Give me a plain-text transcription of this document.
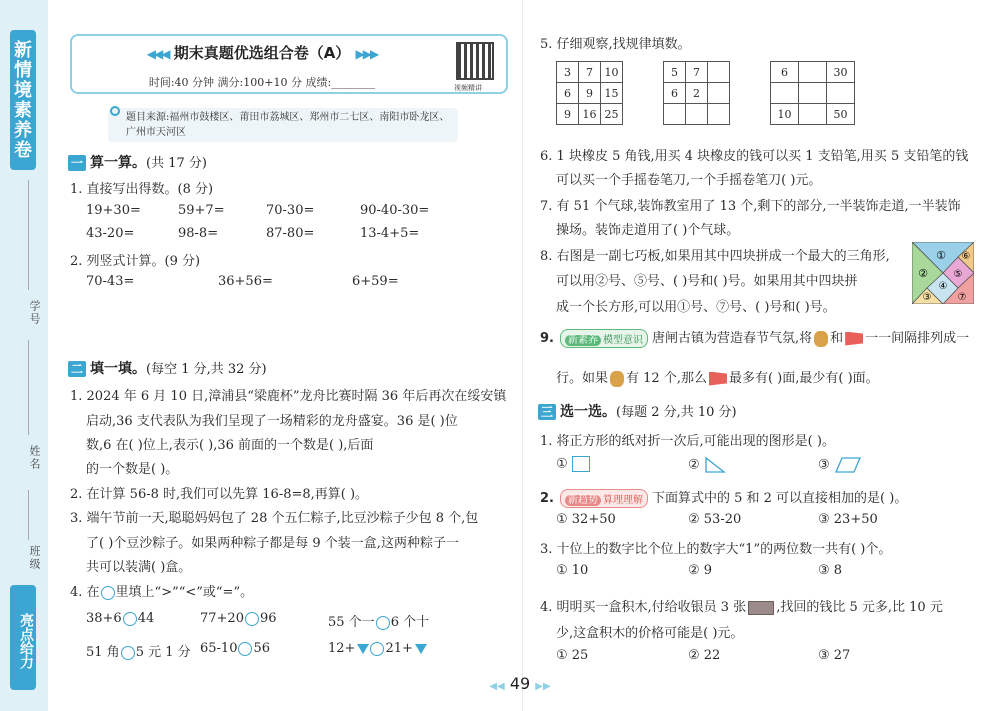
新情境素养卷
学号
姓名
班级
亮点给力
◀◀◀ 期末真题优选组合卷（A） ▶▶▶
时间:40 分钟 满分:100+10 分 成绩:________	视频精讲
题目来源:福州市鼓楼区、莆田市荔城区、郑州市二七区、南阳市卧龙区、广州市天河区
一 算一算。(共 17 分)
1. 直接写出得数。(8 分)
19+30=	59+7=	70-30=	90-40-30=
43-20=	98-8=	87-80=	13-4+5=
2. 列竖式计算。(9 分)
70-43=	36+56=	6+59=
二 填一填。(每空 1 分,共 32 分)
1. 2024 年 6 月 10 日,漳浦县“梁鹿杯”龙舟比赛时隔 36 年后再次在绥安镇
启动,36 支代表队为我们呈现了一场精彩的龙舟盛宴。36 是( )位
数,6 在( )位上,表示( ),36 前面的一个数是( ),后面
的一个数是( )。
2. 在计算 56-8 时,我们可以先算 16-8=8,再算( )。
3. 端午节前一天,聪聪妈妈包了 28 个五仁粽子,比豆沙粽子少包 8 个,包
了( )个豆沙粽子。如果两种粽子都是每 9 个装一盒,这两种粽子一
共可以装满( )盒。
4. 在 里填上“>”“<”或“=”。
38+6 44	77+20 96	55 个一 6 个十
51 角 5 元 1 分 65-10 56	12+ 21+
5. 仔细观察,找规律填数。
3	7	10
6	9	15
9	16	25
5	7	
6	2	

6		30

10		50
6. 1 块橡皮 5 角钱,用买 4 块橡皮的钱可以买 1 支铅笔,用买 5 支铅笔的钱
可以买一个手摇卷笔刀,一个手摇卷笔刀( )元。
7. 有 51 个气球,装饰教室用了 13 个,剩下的部分,一半装饰走道,一半装饰
操场。装饰走道用了( )个气球。
8. 右图是一副七巧板,如果用其中四块拼成一个最大的三角形,
可以用②号、⑤号、( )号和( )号。如果用其中四块拼
成一个长方形,可以用①号、⑦号、( )号和( )号。
①
②
③
④
⑤
⑥
⑦
9. 新素养 模型意识 唐闸古镇为营造春节气氛,将 和 一一间隔排列成一
行。如果 有 12 个,那么 最多有( )面,最少有( )面。
三 选一选。(每题 2 分,共 10 分)
1. 将正方形的纸对折一次后,可能出现的图形是( )。
①	②	③
2. 新趋势 算理理解 下面算式中的 5 和 2 可以直接相加的是( )。
① 32+50	② 53-20	③ 23+50
3. 十位上的数字比个位上的数字大“1”的两位数一共有( )个。
① 10	② 9	③ 8
4. 明明买一盒积木,付给收银员 3 张 ,找回的钱比 5 元多,比 10 元
少,这盒积木的价格可能是( )元。
① 25	② 22	③ 27
◀◀ 49 ▶▶
